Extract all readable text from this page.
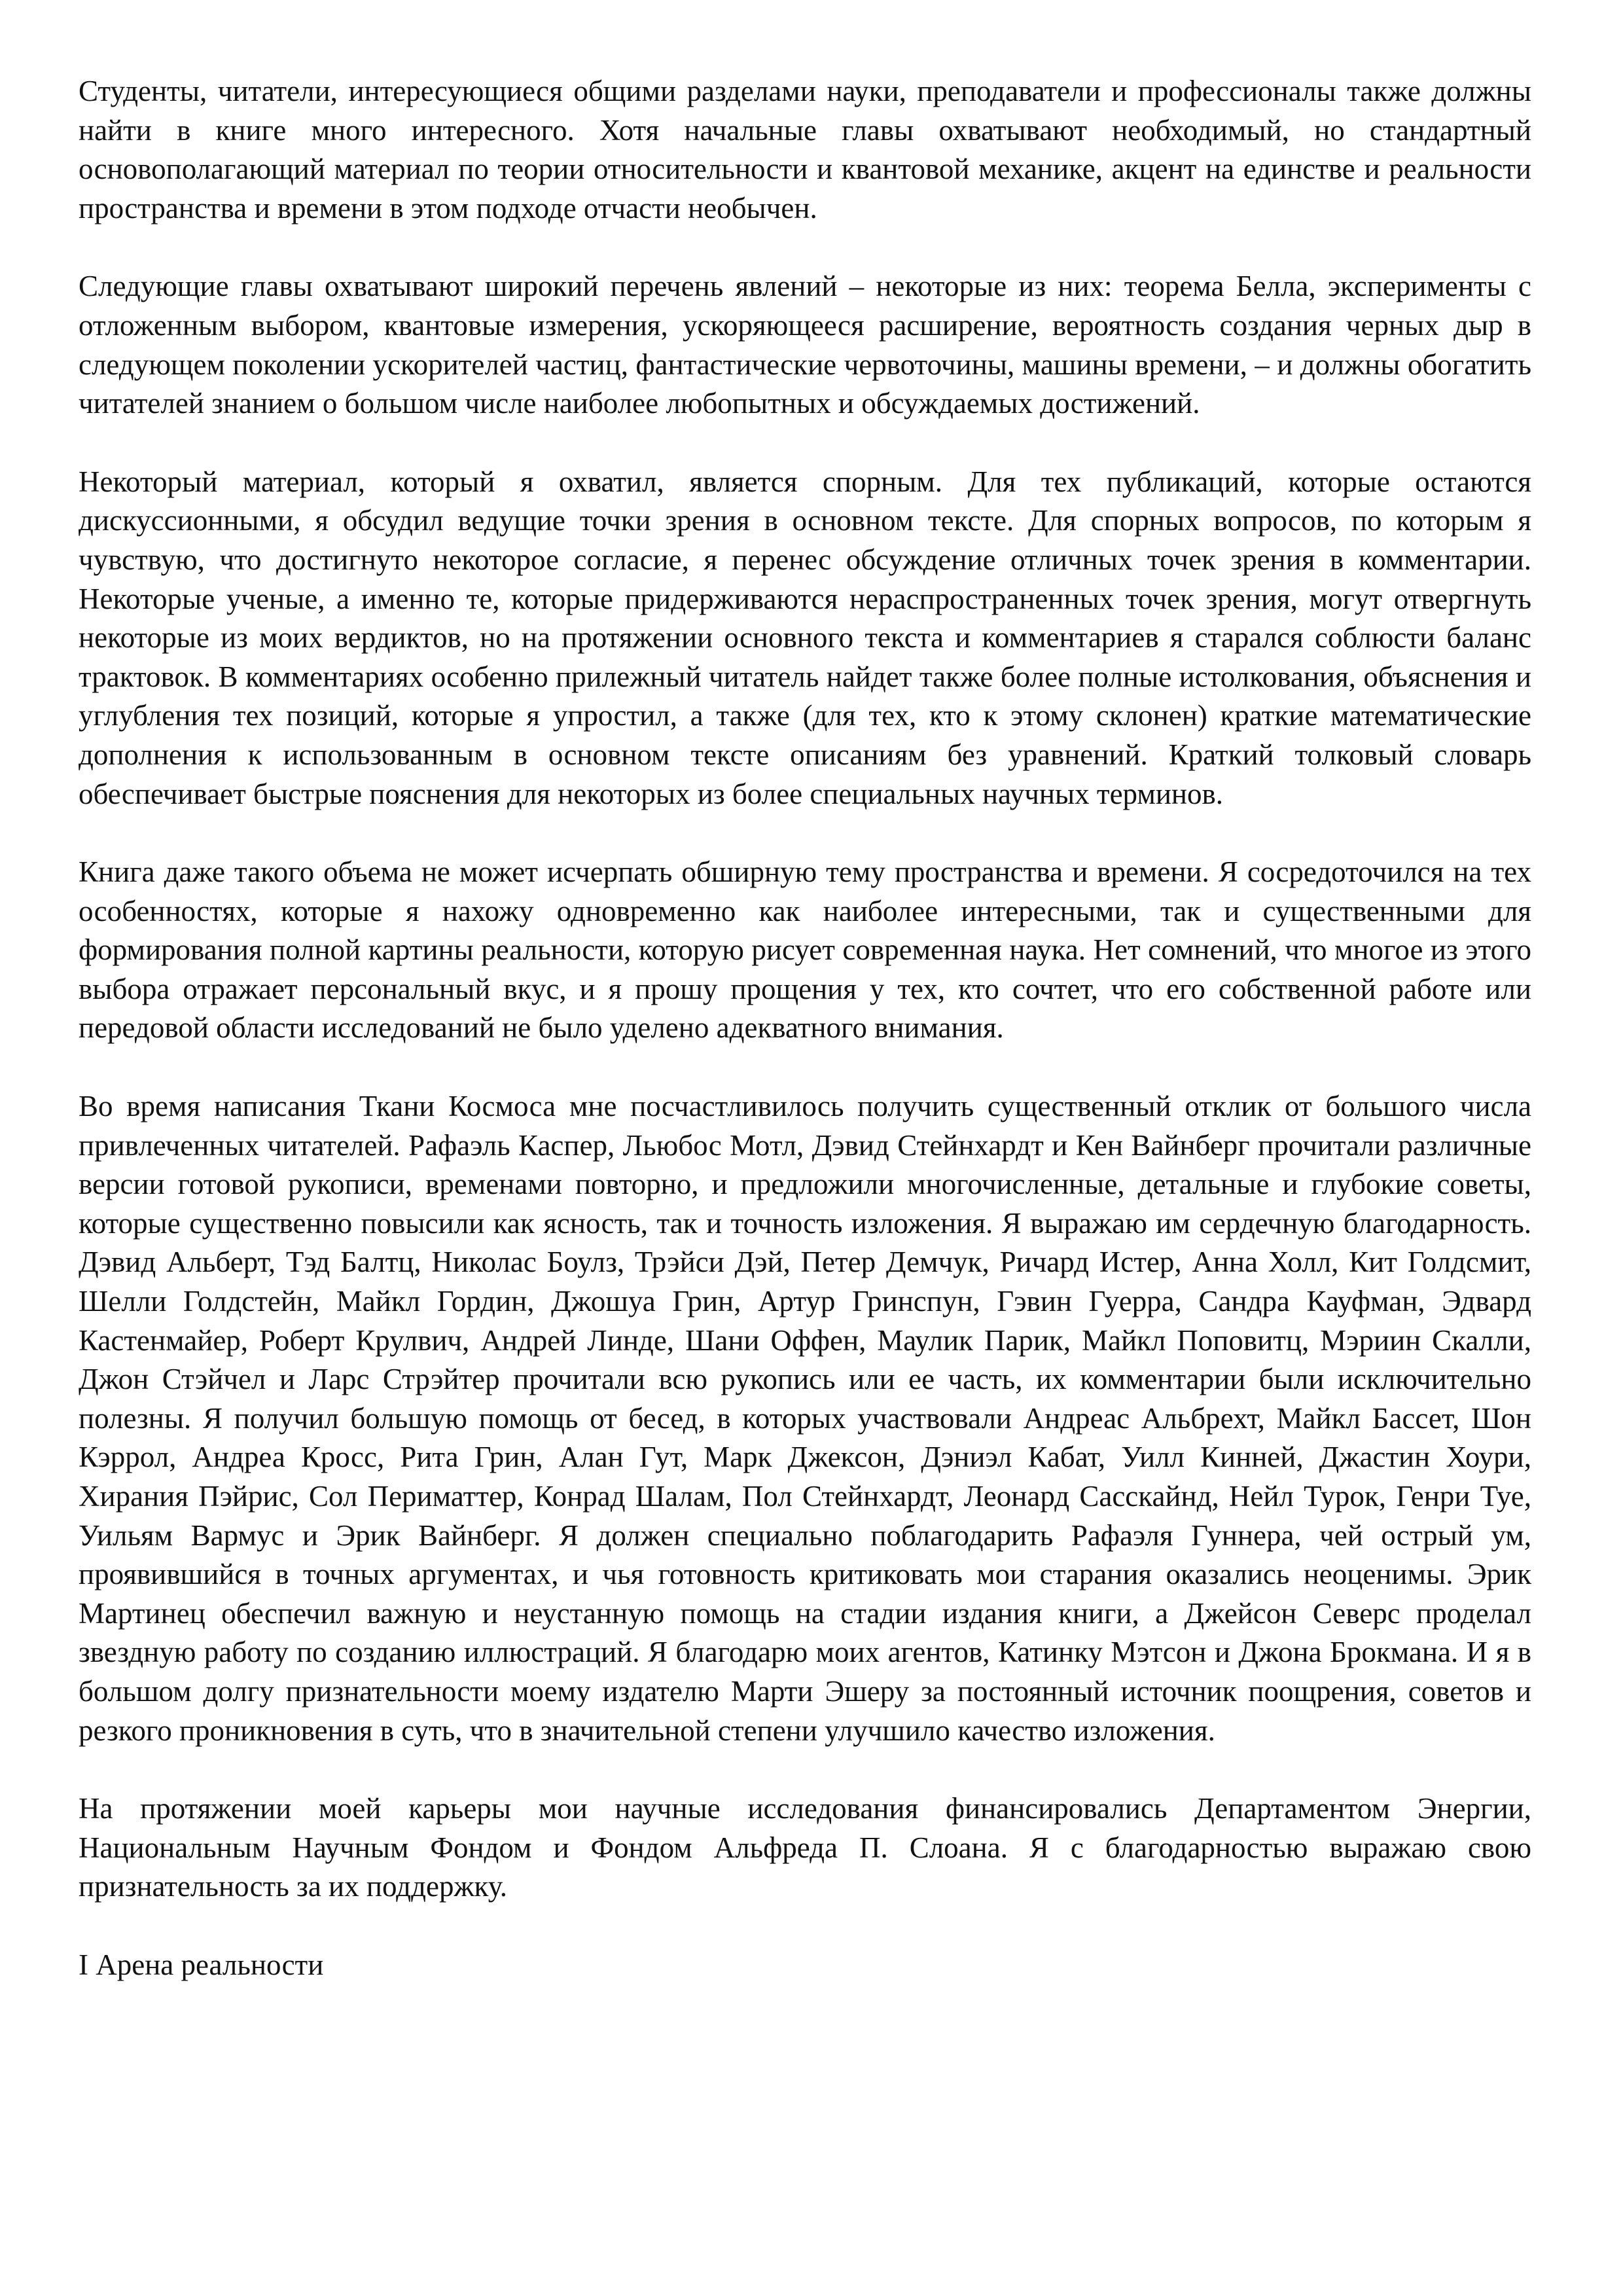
Студенты, читатели, интересующиеся общими разделами науки, преподаватели и профессионалы также должны найти в книге много интересного. Хотя начальные главы охватывают необходимый, но стандартный основополагающий материал по теории относительности и квантовой механике, акцент на единстве и реальности пространства и времени в этом подходе отчасти необычен.

Следующие главы охватывают широкий перечень явлений – некоторые из них: теорема Белла, эксперименты с отложенным выбором, квантовые измерения, ускоряющееся расширение, вероятность создания черных дыр в следующем поколении ускорителей частиц, фантастические червоточины, машины времени, – и должны обогатить читателей знанием о большом числе наиболее любопытных и обсуждаемых достижений.

Некоторый материал, который я охватил, является спорным. Для тех публикаций, которые остаются дискуссионными, я обсудил ведущие точки зрения в основном тексте. Для спорных вопросов, по которым я чувствую, что достигнуто некоторое согласие, я перенес обсуждение отличных точек зрения в комментарии. Некоторые ученые, а именно те, которые придерживаются нераспространенных точек зрения, могут отвергнуть некоторые из моих вердиктов, но на протяжении основного текста и комментариев я старался соблюсти баланс трактовок. В комментариях особенно прилежный читатель найдет также более полные истолкования, объяснения и углубления тех позиций, которые я упростил, а также (для тех, кто к этому склонен) краткие математические дополнения к использованным в основном тексте описаниям без уравнений. Краткий толковый словарь обеспечивает быстрые пояснения для некоторых из более специальных научных терминов.

Книга даже такого объема не может исчерпать обширную тему пространства и времени. Я сосредоточился на тех особенностях, которые я нахожу одновременно как наиболее интересными, так и существенными для формирования полной картины реальности, которую рисует современная наука. Нет сомнений, что многое из этого выбора отражает персональный вкус, и я прошу прощения у тех, кто сочтет, что его собственной работе или передовой области исследований не было уделено адекватного внимания.

Во время написания Ткани Космоса мне посчастливилось получить существенный отклик от большого числа привлеченных читателей. Рафаэль Каспер, Льюбос Мотл, Дэвид Стейнхардт и Кен Вайнберг прочитали различные версии готовой рукописи, временами повторно, и предложили многочисленные, детальные и глубокие советы, которые существенно повысили как ясность, так и точность изложения. Я выражаю им сердечную благодарность. Дэвид Альберт, Тэд Балтц, Николас Боулз, Трэйси Дэй, Петер Демчук, Ричард Истер, Анна Холл, Кит Голдсмит, Шелли Голдстейн, Майкл Гордин, Джошуа Грин, Артур Гринспун, Гэвин Гуерра, Сандра Кауфман, Эдвард Кастенмайер, Роберт Крулвич, Андрей Линде, Шани Оффен, Маулик Парик, Майкл Поповитц, Мэриин Скалли, Джон Стэйчел и Ларс Стрэйтер прочитали всю рукопись или ее часть, их комментарии были исключительно полезны. Я получил большую помощь от бесед, в которых участвовали Андреас Альбрехт, Майкл Бассет, Шон Кэррол, Андреа Кросс, Рита Грин, Алан Гут, Марк Джексон, Дэниэл Кабат, Уилл Кинней, Джастин Хоури, Хирания Пэйрис, Сол Периматтер, Конрад Шалам, Пол Стейнхардт, Леонард Сасскайнд, Нейл Турок, Генри Туе, Уильям Вармус и Эрик Вайнберг. Я должен специально поблагодарить Рафаэля Гуннера, чей острый ум, проявившийся в точных аргументах, и чья готовность критиковать мои старания оказались неоценимы. Эрик Мартинец обеспечил важную и неустанную помощь на стадии издания книги, а Джейсон Северс проделал звездную работу по созданию иллюстраций. Я благодарю моих агентов, Катинку Мэтсон и Джона Брокмана. И я в большом долгу признательности моему издателю Марти Эшеру за постоянный источник поощрения, советов и резкого проникновения в суть, что в значительной степени улучшило качество изложения.

На протяжении моей карьеры мои научные исследования финансировались Департаментом Энергии, Национальным Научным Фондом и Фондом Альфреда П. Слоана. Я с благодарностью выражаю свою признательность за их поддержку.

I Арена реальности
